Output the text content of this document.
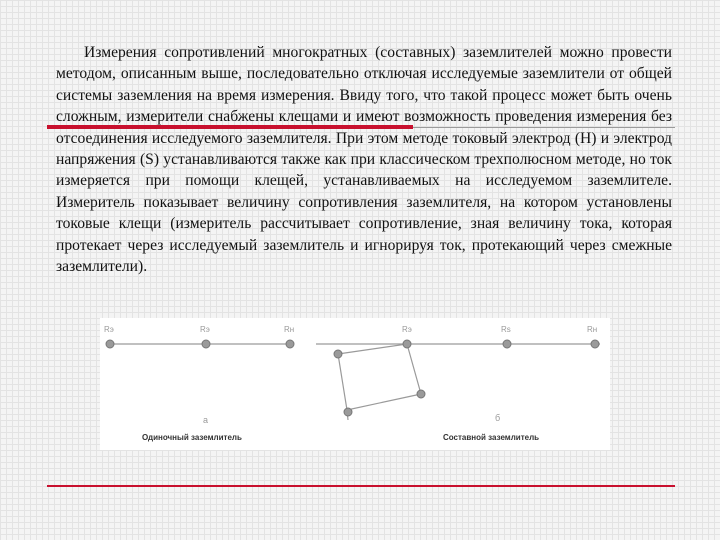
Измерения сопротивлений многократных (составных) заземлителей можно провести методом, описанным выше, последовательно отключая исследуемые заземлители от общей системы заземления на время измерения. Ввиду того, что такой процесс может быть очень сложным, измерители снабжены клещами и имеют возможность проведения измерения без отсоединения исследуемого заземлителя. При этом методе токовый электрод (H) и электрод напряжения (S) устанавливаются также как при классическом трехполюсном методе, но ток измеряется при помощи клещей, устанавливаемых на исследуемом заземлителе. Измеритель показывает величину сопротивления заземлителя, на котором установлены токовые клещи (измеритель рассчитывает сопротивление, зная величину тока, которая протекает через исследуемый заземлитель и игнорируя ток, протекающий через смежные заземлители).

Rэ	Rэ	Rн
а
Одиночный заземлитель
Rэ	Rs	Rн
б
Составной заземлитель
